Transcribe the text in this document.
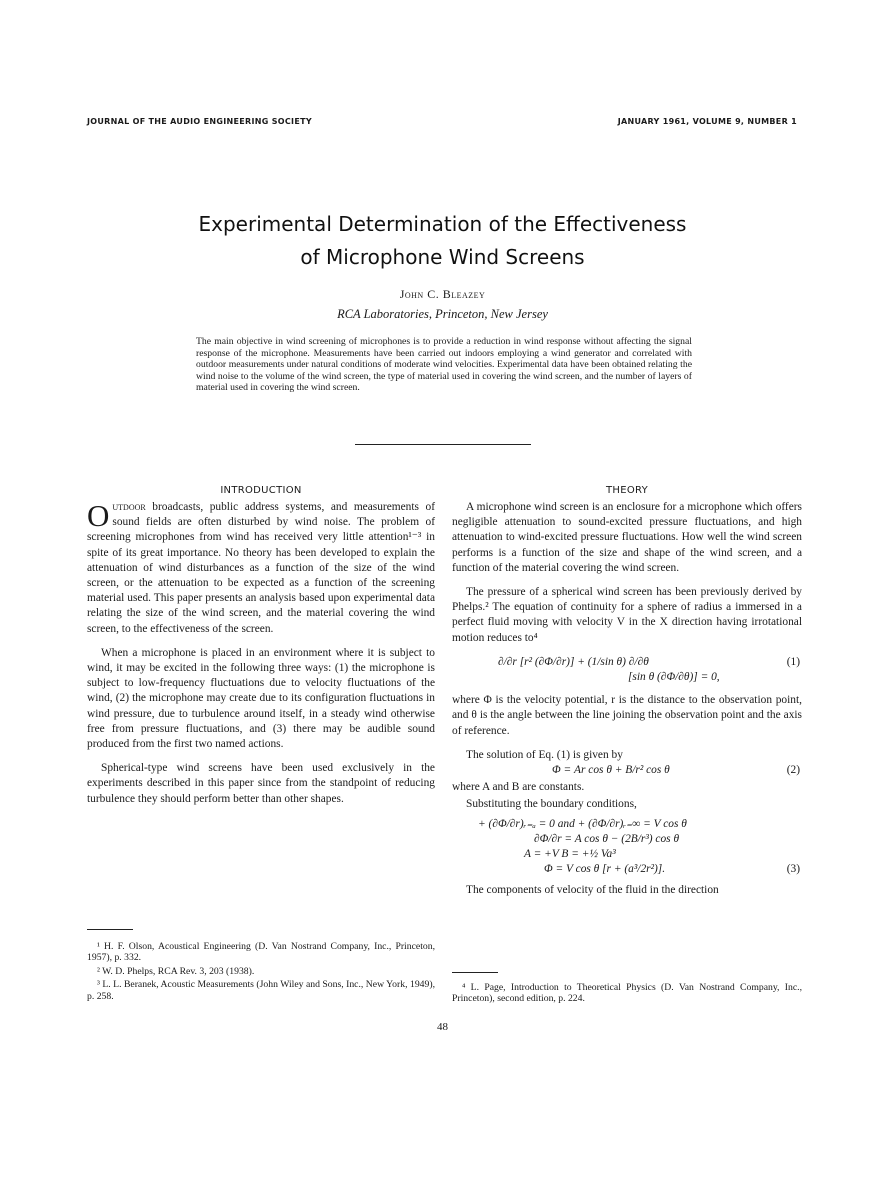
JOURNAL OF THE AUDIO ENGINEERING SOCIETY	JANUARY 1961, VOLUME 9, NUMBER 1
Experimental Determination of the Effectiveness
of Microphone Wind Screens
John C. Bleazey
RCA Laboratories, Princeton, New Jersey

The main objective in wind screening of microphones is to provide a reduction in wind response without affecting the signal response of the microphone. Measurements have been carried out indoors employing a wind generator and correlated with outdoor measurements under natural conditions of moderate wind velocities. Experimental data have been obtained relating the wind noise to the volume of the wind screen, the type of material used in covering the wind screen, and the number of layers of material used in covering the wind screen.

INTRODUCTION	THEORY

Outdoor broadcasts, public address systems, and measurements of sound fields are often disturbed by wind noise. The problem of screening microphones from wind has received very little attention¹⁻³ in spite of its great importance. No theory has been developed to explain the attenuation of wind disturbances as a function of the size of the wind screen, or the attenuation to be expected as a function of the screening material used. This paper presents an analysis based upon experimental data relating the size of the wind screen, and the material covering the wind screen, to the effectiveness of the screen.

When a microphone is placed in an environment where it is subject to wind, it may be excited in the following three ways: (1) the microphone is subject to low-frequency fluctuations due to velocity fluctuations of the wind, (2) the microphone may create due to its configuration fluctuations in wind pressure, due to turbulence around itself, in a steady wind otherwise free from pressure fluctuations, and (3) there may be audible sound produced from the first two named actions.

Spherical-type wind screens have been used exclusively in the experiments described in this paper since from the standpoint of reducing turbulence they should perform better than other shapes.

A microphone wind screen is an enclosure for a microphone which offers negligible attenuation to sound-excited pressure fluctuations, and high attenuation to wind-excited pressure fluctuations. How well the wind screen performs is a function of the size and shape of the wind screen, and a function of the material covering the wind screen.

The pressure of a spherical wind screen has been previously derived by Phelps.² The equation of continuity for a sphere of radius a immersed in a perfect fluid moving with velocity V in the X direction having irrotational motion reduces to⁴

∂/∂r [r² (∂Φ/∂r)] + (1/sin θ) ∂/∂θ	(1)
[sin θ (∂Φ/∂θ)] = 0,

where Φ is the velocity potential, r is the distance to the observation point, and θ is the angle between the line joining the observation point and the axis of reference.

The solution of Eq. (1) is given by

Φ = Ar cos θ + B/r² cos θ	(2)

where A and B are constants.

Substituting the boundary conditions,

+ (∂Φ/∂r)ᵣ₌ₐ = 0 and + (∂Φ/∂r)ᵣ₌∞ = V cos θ
∂Φ/∂r = A cos θ − (2B/r³) cos θ
A = +V B = +½ Va³
Φ = V cos θ [r + (a³/2r²)].	(3)

The components of velocity of the fluid in the direction

¹ H. F. Olson, Acoustical Engineering (D. Van Nostrand Company, Inc., Princeton, 1957), p. 332.

² W. D. Phelps, RCA Rev. 3, 203 (1938).

³ L. L. Beranek, Acoustic Measurements (John Wiley and Sons, Inc., New York, 1949), p. 258.

⁴ L. Page, Introduction to Theoretical Physics (D. Van Nostrand Company, Inc., Princeton), second edition, p. 224.

48
